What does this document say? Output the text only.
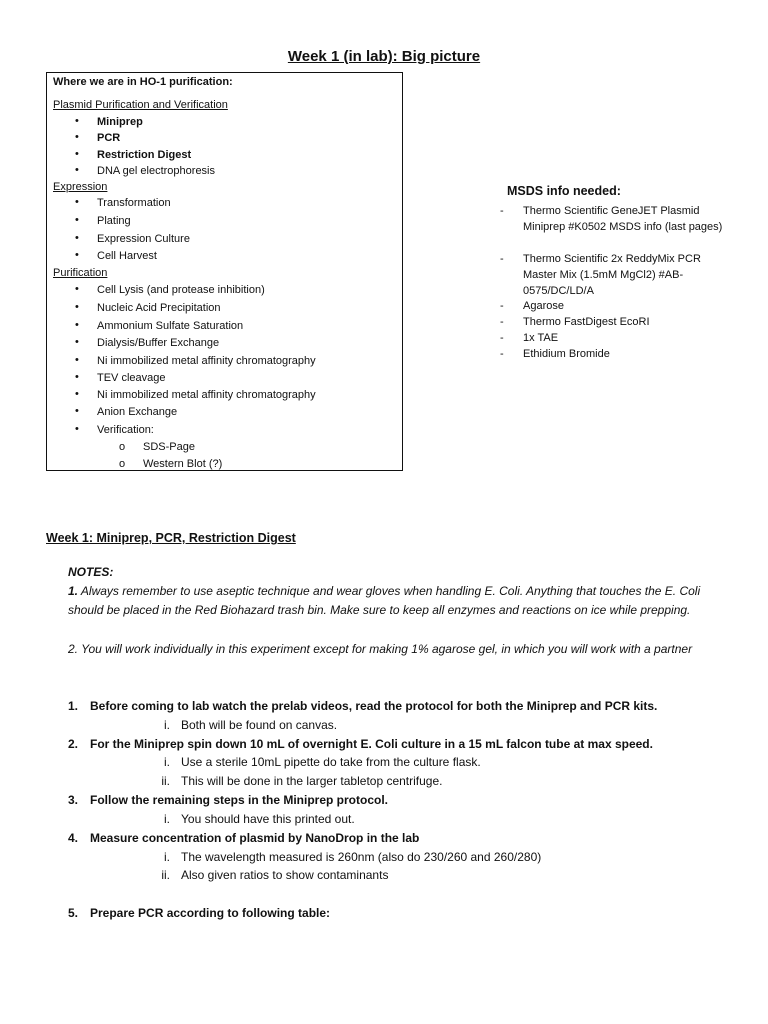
Week 1 (in lab): Big picture
Where we are in HO-1 purification:
Plasmid Purification and Verification
• Miniprep
• PCR
• Restriction Digest
• DNA gel electrophoresis
Expression
• Transformation
• Plating
• Expression Culture
• Cell Harvest
Purification
• Cell Lysis (and protease inhibition)
• Nucleic Acid Precipitation
• Ammonium Sulfate Saturation
• Dialysis/Buffer Exchange
• Ni immobilized metal affinity chromatography
• TEV cleavage
• Ni immobilized metal affinity chromatography
• Anion Exchange
• Verification:
o SDS-Page
o Western Blot (?)
MSDS info needed:
- Thermo Scientific GeneJET Plasmid Miniprep #K0502 MSDS info (last pages)
- Thermo Scientific 2x ReddyMix PCR Master Mix (1.5mM MgCl2) #AB-0575/DC/LD/A
- Agarose
- Thermo FastDigest EcoRI
- 1x TAE
- Ethidium Bromide
Week 1: Miniprep, PCR, Restriction Digest
NOTES:
1. Always remember to use aseptic technique and wear gloves when handling E. Coli. Anything that touches the E. Coli should be placed in the Red Biohazard trash bin. Make sure to keep all enzymes and reactions on ice while prepping.
2. You will work individually in this experiment except for making 1% agarose gel, in which you will work with a partner
1. Before coming to lab watch the prelab videos, read the protocol for both the Miniprep and PCR kits.
i. Both will be found on canvas.
2. For the Miniprep spin down 10 mL of overnight E. Coli culture in a 15 mL falcon tube at max speed.
i. Use a sterile 10mL pipette do take from the culture flask.
ii. This will be done in the larger tabletop centrifuge.
3. Follow the remaining steps in the Miniprep protocol.
i. You should have this printed out.
4. Measure concentration of plasmid by NanoDrop in the lab
i. The wavelength measured is 260nm (also do 230/260 and 260/280)
ii. Also given ratios to show contaminants
5. Prepare PCR according to following table:
